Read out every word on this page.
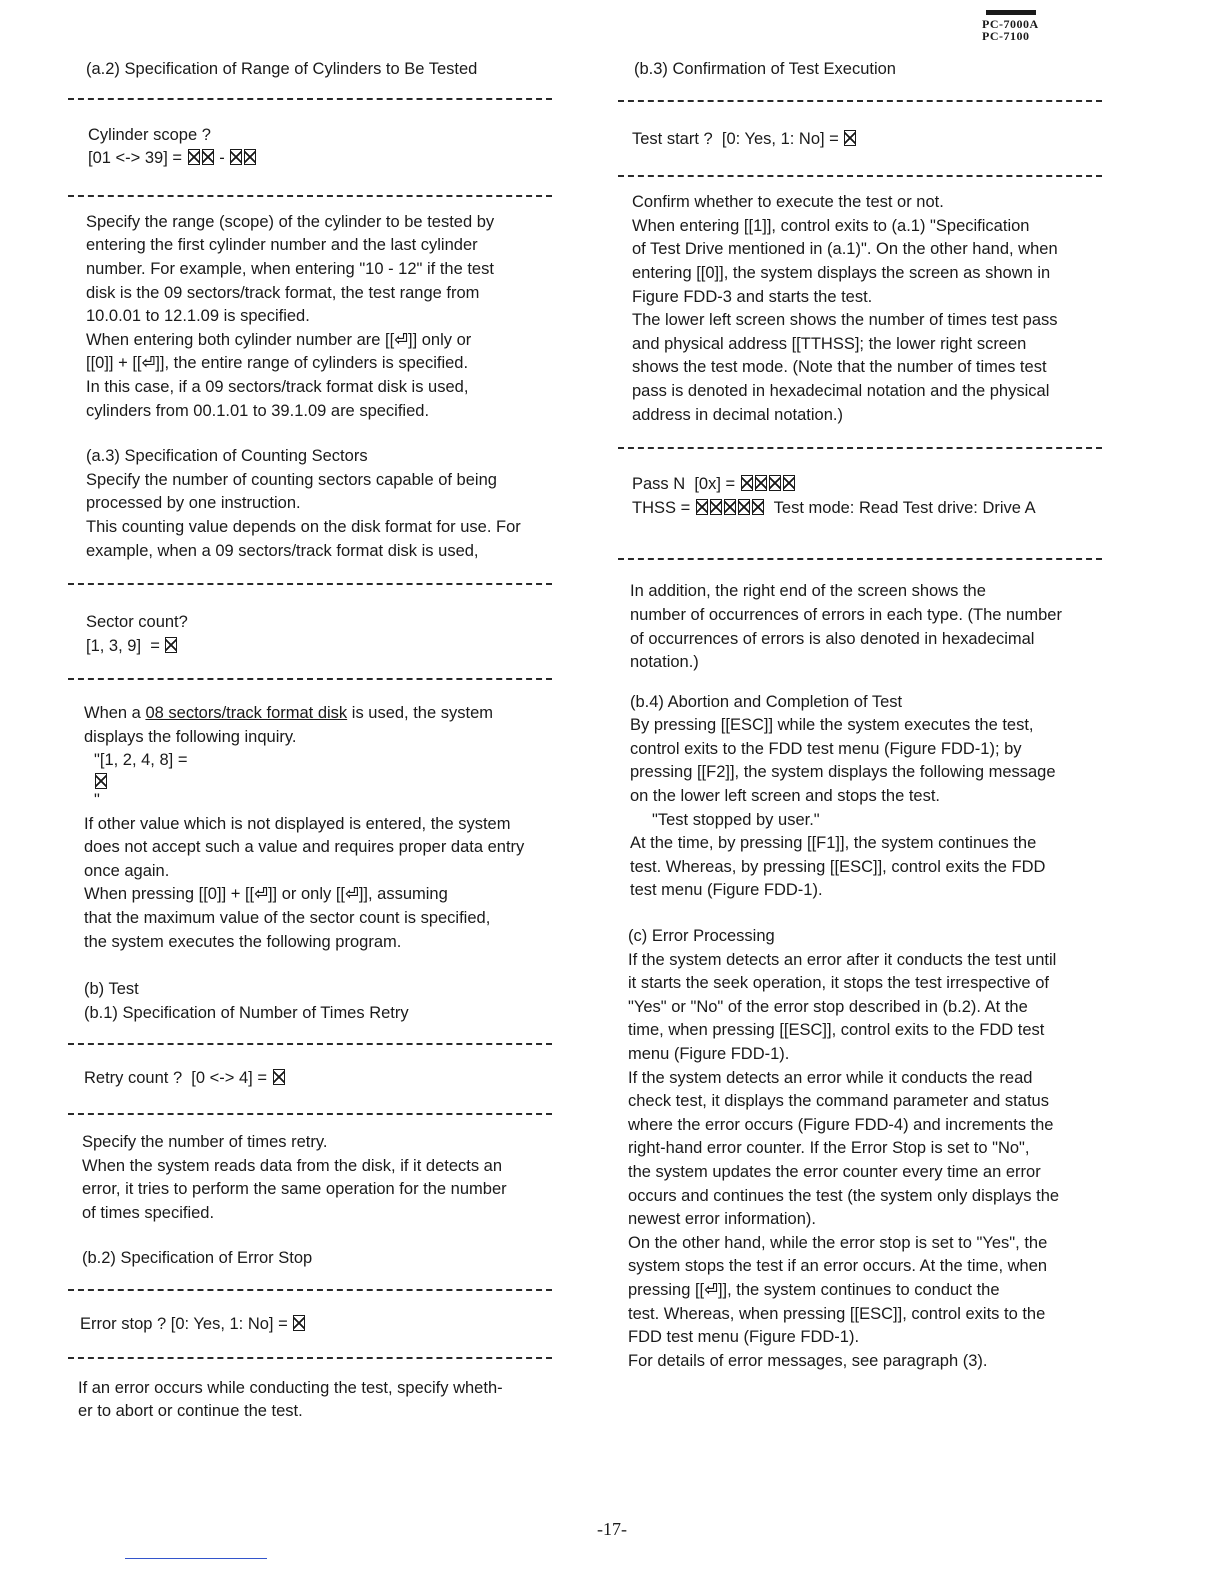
PC-7000A
PC-7100
(a.2) Specification of Range of Cylinders to Be Tested
Cylinder scope ?
[01 <-> 39] =  -
Specify the range (scope) of the cylinder to be tested by
entering the first cylinder number and the last cylinder
number. For example, when entering "10 - 12" if the test
disk is the 09 sectors/track format, the test range from
10.0.01 to 12.1.09 is specified.
When entering both cylinder number are [[⏎]] only or
[[0]] + [[⏎]], the entire range of cylinders is specified.
In this case, if a 09 sectors/track format disk is used,
cylinders from 00.1.01 to 39.1.09 are specified.
(a.3) Specification of Counting Sectors
Specify the number of counting sectors capable of being
processed by one instruction.
This counting value depends on the disk format for use. For
example, when a 09 sectors/track format disk is used,
Sector count?
[1, 3, 9]  =
When a 08 sectors/track format disk is used, the system
displays the following inquiry.
"[1, 2, 4, 8] =
"
If other value which is not displayed is entered, the system
does not accept such a value and requires proper data entry
once again.
When pressing [[0]] + [[⏎]] or only [[⏎]], assuming
that the maximum value of the sector count is specified,
the system executes the following program.
(b) Test
(b.1) Specification of Number of Times Retry
Retry count ?  [0 <-> 4] =
Specify the number of times retry.
When the system reads data from the disk, if it detects an
error, it tries to perform the same operation for the number
of times specified.
(b.2) Specification of Error Stop
Error stop ? [0: Yes, 1: No] =
If an error occurs while conducting the test, specify wheth-
er to abort or continue the test.
(b.3) Confirmation of Test Execution
Test start ?  [0: Yes, 1: No] =
Confirm whether to execute the test or not.
When entering [[1]], control exits to (a.1) "Specification
of Test Drive mentioned in (a.1)". On the other hand, when
entering [[0]], the system displays the screen as shown in
Figure FDD-3 and starts the test.
The lower left screen shows the number of times test pass
and physical address [[TTHSS]; the lower right screen
shows the test mode. (Note that the number of times test
pass is denoted in hexadecimal notation and the physical
address in decimal notation.)
Pass N  [0x] =
THSS =	Test mode: Read Test drive: Drive A
In addition, the right end of the screen shows the
number of occurrences of errors in each type. (The number
of occurrences of errors is also denoted in hexadecimal
notation.)
(b.4) Abortion and Completion of Test
By pressing [[ESC]] while the system executes the test,
control exits to the FDD test menu (Figure FDD-1); by
pressing [[F2]], the system displays the following message
on the lower left screen and stops the test.
"Test stopped by user."
At the time, by pressing [[F1]], the system continues the
test. Whereas, by pressing [[ESC]], control exits the FDD
test menu (Figure FDD-1).
(c) Error Processing
If the system detects an error after it conducts the test until
it starts the seek operation, it stops the test irrespective of
"Yes" or "No" of the error stop described in (b.2). At the
time, when pressing [[ESC]], control exits to the FDD test
menu (Figure FDD-1).
If the system detects an error while it conducts the read
check test, it displays the command parameter and status
where the error occurs (Figure FDD-4) and increments the
right-hand error counter. If the Error Stop is set to "No",
the system updates the error counter every time an error
occurs and continues the test (the system only displays the
newest error information).
On the other hand, while the error stop is set to "Yes", the
system stops the test if an error occurs. At the time, when
pressing [[⏎]], the system continues to conduct the
test. Whereas, when pressing [[ESC]], control exits to the
FDD test menu (Figure FDD-1).
For details of error messages, see paragraph (3).
-17-
